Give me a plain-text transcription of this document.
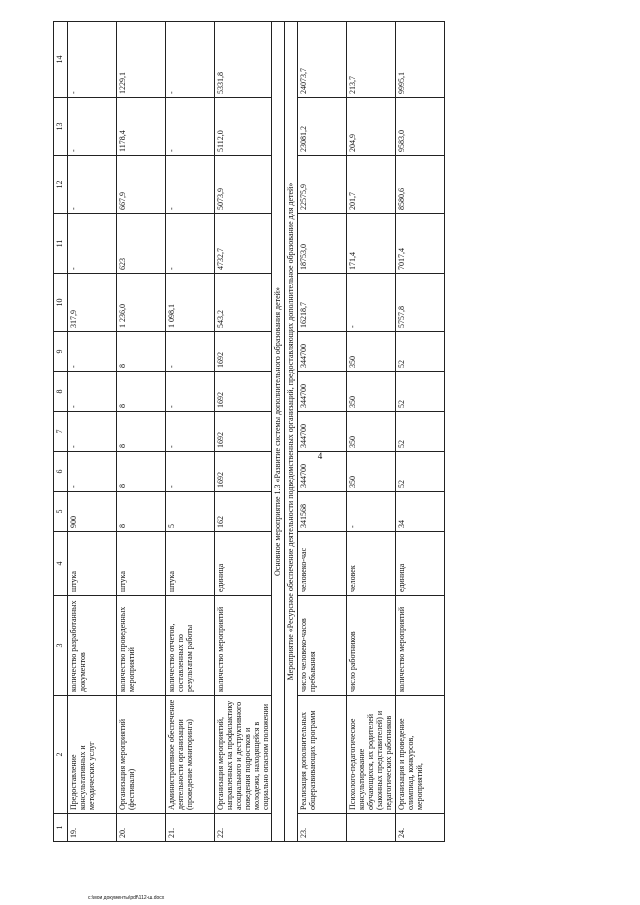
4
1	2	3	4	5	6	7	8	9	10	11	12	13	14
19.	Предоставление консультативных и методических услуг	количество разработанных документов	штука	900	-	-	-	-	317,9	-	-	-	-
20.	Организация мероприятий (фестивали)	количество проведенных мероприятий	штука	8	8	8	8	8	1 236,0	623	667,9	1178,4	1229,1
21.	Административное обеспечение деятельности организации (проведение мониторинга)	количество отчетов, составленных по результатам работы	штука	5	-	-	-	-	1 098,1	-	-	-	-
22.	Организация мероприятий, направленных на профилактику асоциального и деструктивного поведения подростков и молодежи, находящейся в социально опасном положении	количество мероприятий	единица	162	1692	1692	1692	1692	543,2	4732,7	5073,9	5112,0	5331,8
Основное мероприятие 1.3 «Развитие системы дополнительного образования детей»													
Мероприятие «Ресурсное обеспечение деятельности подведомственных организаций, предоставляющих дополнительное образование для детей»													
23.	Реализация дополнительных общеразвивающих программ	число человеко-часов пребывания	человеко-час	341568	344700	344700	344700	344700	16218,7	18753,0	22575,9	23081,2	24073,7
	Психолого-педагогическое консультирование обучающихся, их родителей (законных представителей) и педагогических работников	число работников	человек	-	350	350	350	350	-	171,4	201,7	204,9	213,7
24.	Организация и проведение олимпиад, конкурсов, мероприятий,	количество мероприятий	единица	34	52	52	52	52	5757,8	7017,4	8580,6	9583,0	9995,1
c:\мои документы\pdf\112-ш.docx
